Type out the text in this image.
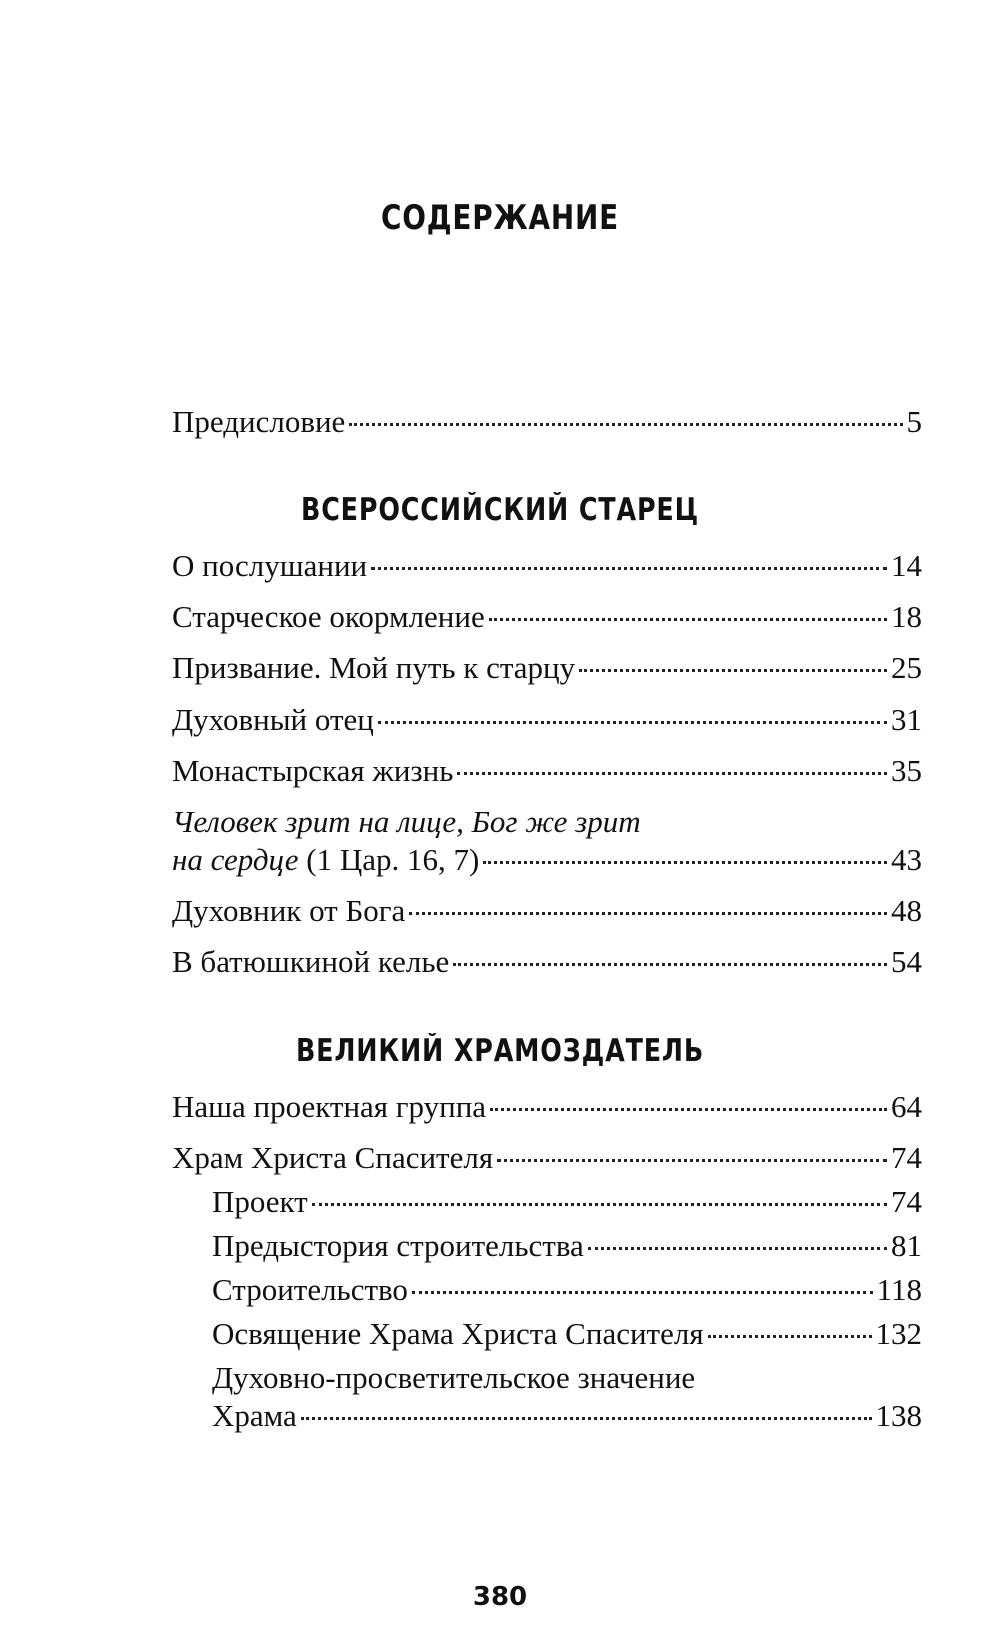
СОДЕРЖАНИЕ
Предисловие	5
ВСЕРОССИЙСКИЙ СТАРЕЦ
О послушании	14
Старческое окормление	18
Призвание. Мой путь к старцу	25
Духовный отец	31
Монастырская жизнь	35
Человек зрит на лице, Бог же зрит
на сердце (1 Цар. 16, 7)	43
Духовник от Бога	48
В батюшкиной келье	54
ВЕЛИКИЙ ХРАМОЗДАТЕЛЬ
Наша проектная группа	64
Храм Христа Спасителя	74
Проект	74
Предыстория строительства	81
Строительство	118
Освящение Храма Христа Спасителя	132
Духовно-просветительское значение
Храма	138
380
